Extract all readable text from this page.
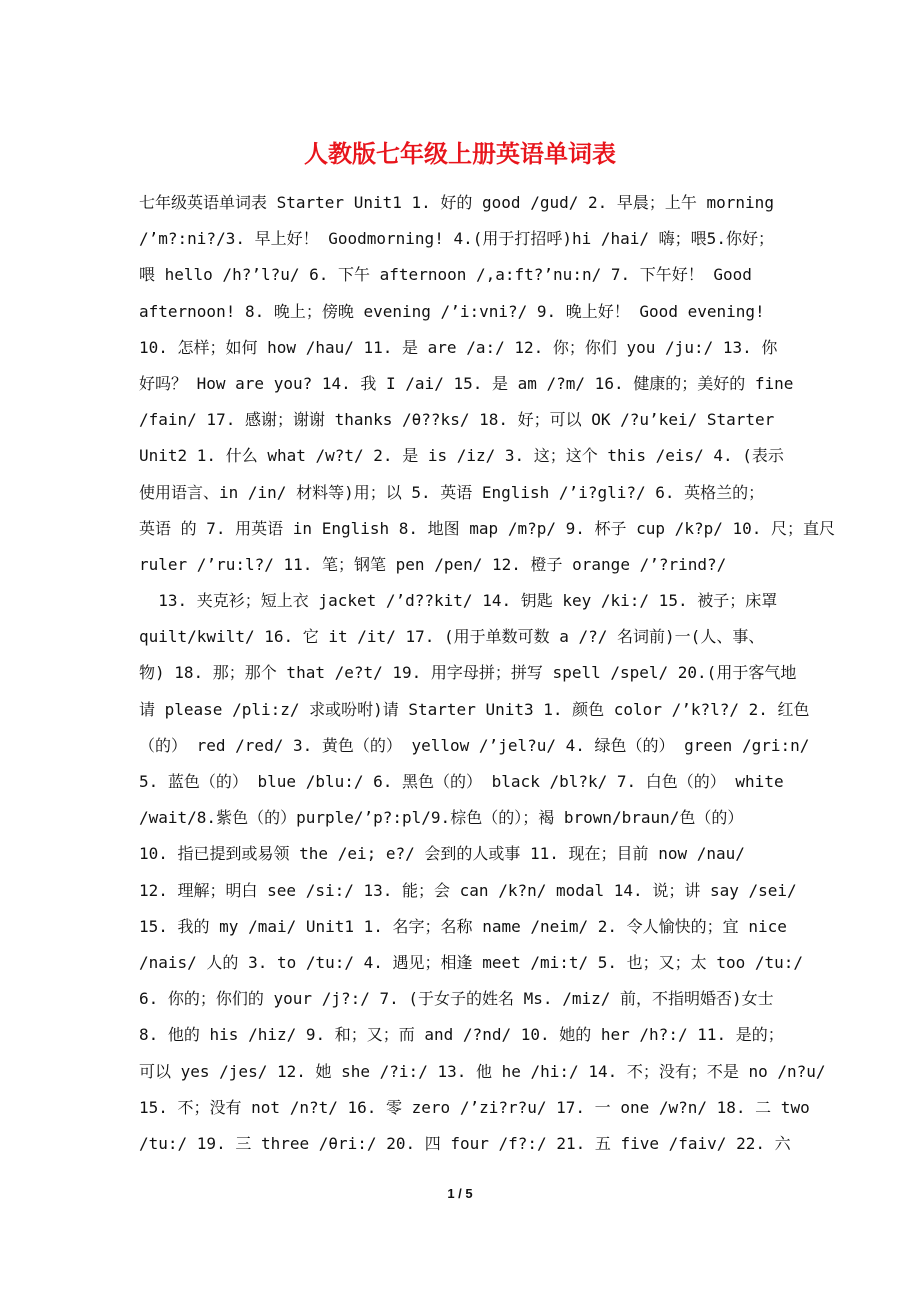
人教版七年级上册英语单词表
七年级英语单词表 Starter Unit1 1. 好的 good /gud/ 2. 早晨；上午 morning
/’m?:ni?/3. 早上好！ Goodmorning! 4.(用于打招呼)hi /hai/ 嗨；喂5.你好；
喂 hello /h?’l?u/ 6. 下午 afternoon /,a:ft?’nu:n/ 7. 下午好！ Good
afternoon! 8. 晚上；傍晚 evening /’i:vni?/ 9. 晚上好！ Good evening!
10. 怎样；如何 how /hau/ 11. 是 are /a:/ 12. 你；你们 you /ju:/ 13. 你
好吗？ How are you? 14. 我 I /ai/ 15. 是 am /?m/ 16. 健康的；美好的 fine
/fain/ 17. 感谢；谢谢 thanks /θ??ks/ 18. 好；可以 OK /?u’kei/ Starter
Unit2 1. 什么 what /w?t/ 2. 是 is /iz/ 3. 这；这个 this /eis/ 4. (表示
使用语言、in /in/ 材料等)用；以 5. 英语 English /’i?gli?/ 6. 英格兰的；
英语 的 7. 用英语 in English 8. 地图 map /m?p/ 9. 杯子 cup /k?p/ 10. 尺；直尺
ruler /’ru:l?/ 11. 笔；钢笔 pen /pen/ 12. 橙子 orange /’?rind?/
13. 夹克衫；短上衣 jacket /’d??kit/ 14. 钥匙 key /ki:/ 15. 被子；床罩
quilt/kwilt/ 16. 它 it /it/ 17. (用于单数可数 a /?/ 名词前)一(人、事、
物) 18. 那；那个 that /e?t/ 19. 用字母拼；拼写 spell /spel/ 20.(用于客气地
请 please /pli:z/ 求或吩咐)请 Starter Unit3 1. 颜色 color /’k?l?/ 2. 红色
（的） red /red/ 3. 黄色（的） yellow /’jel?u/ 4. 绿色（的） green /gri:n/
5. 蓝色（的） blue /blu:/ 6. 黑色（的） black /bl?k/ 7. 白色（的） white
/wait/8.紫色（的）purple/’p?:pl/9.棕色（的）；褐 brown/braun/色（的）
10. 指已提到或易领 the /ei; e?/ 会到的人或事 11. 现在；目前 now /nau/
12. 理解；明白 see /si:/ 13. 能；会 can /k?n/ modal 14. 说；讲 say /sei/
15. 我的 my /mai/ Unit1 1. 名字；名称 name /neim/ 2. 令人愉快的；宜 nice
/nais/ 人的 3. to /tu:/ 4. 遇见；相逢 meet /mi:t/ 5. 也；又；太 too /tu:/
6. 你的；你们的 your /j?:/ 7. (于女子的姓名 Ms. /miz/ 前，不指明婚否)女士
8. 他的 his /hiz/ 9. 和；又；而 and /?nd/ 10. 她的 her /h?:/ 11. 是的；
可以 yes /jes/ 12. 她 she /?i:/ 13. 他 he /hi:/ 14. 不；没有；不是 no /n?u/
15. 不；没有 not /n?t/ 16. 零 zero /’zi?r?u/ 17. 一 one /w?n/ 18. 二 two
/tu:/ 19. 三 three /θri:/ 20. 四 four /f?:/ 21. 五 five /faiv/ 22. 六
1 / 5
